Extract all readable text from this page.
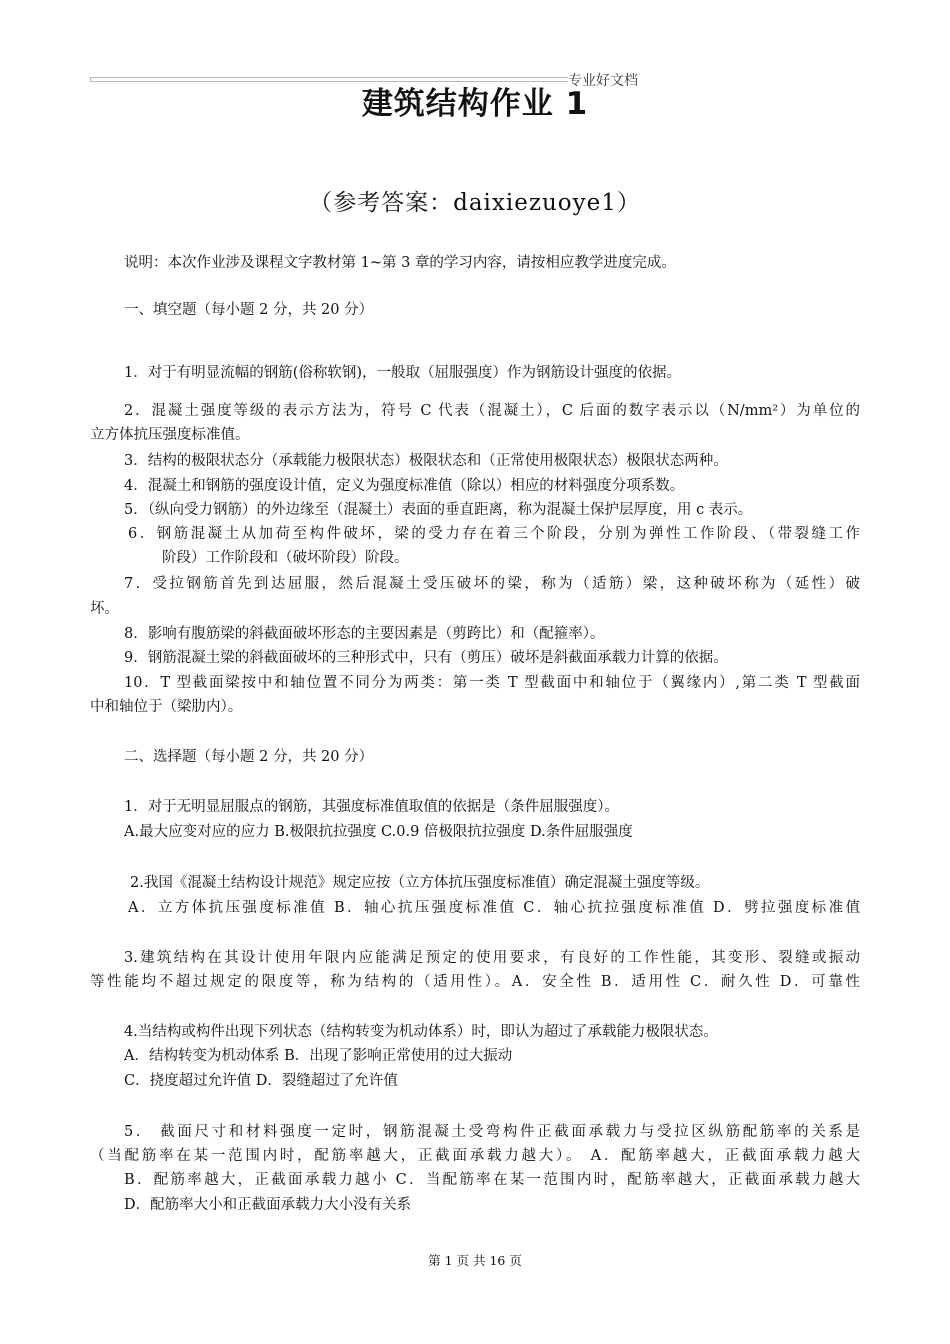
专业好文档
建筑结构作业 1
（参考答案：daixiezuoye1）
说明：本次作业涉及课程文字教材第 1~第 3 章的学习内容，请按相应教学进度完成。
一、填空题（每小题 2 分，共 20 分）
1．对于有明显流幅的钢筋(俗称软钢)，一般取（屈服强度）作为钢筋设计强度的依据。
2．混凝土强度等级的表示方法为，符号 C 代表（混凝土），C 后面的数字表示以（N/mm²）为单位的
立方体抗压强度标准值。
3．结构的极限状态分（承载能力极限状态）极限状态和（正常使用极限状态）极限状态两种。
4．混凝土和钢筋的强度设计值，定义为强度标准值（除以）相应的材料强度分项系数。
5．（纵向受力钢筋）的外边缘至（混凝土）表面的垂直距离，称为混凝土保护层厚度，用 c 表示。
6．钢筋混凝土从加荷至构件破坏，梁的受力存在着三个阶段，分别为弹性工作阶段、（带裂缝工作
阶段）工作阶段和（破坏阶段）阶段。
7．受拉钢筋首先到达屈服，然后混凝土受压破坏的梁，称为（适筋）梁，这种破坏称为（延性）破
坏。
8．影响有腹筋梁的斜截面破坏形态的主要因素是（剪跨比）和（配箍率）。
9．钢筋混凝土梁的斜截面破坏的三种形式中，只有（剪压）破坏是斜截面承载力计算的依据。
10．T 型截面梁按中和轴位置不同分为两类：第一类 T 型截面中和轴位于（翼缘内）,第二类 T 型截面
中和轴位于（梁肋内）。
二、选择题（每小题 2 分，共 20 分）
1．对于无明显屈服点的钢筋，其强度标准值取值的依据是（条件屈服强度）。
A.最大应变对应的应力 B.极限抗拉强度 C.0.9 倍极限抗拉强度 D.条件屈服强度
2.我国《混凝土结构设计规范》规定应按（立方体抗压强度标准值）确定混凝土强度等级。
A．立方体抗压强度标准值 B．轴心抗压强度标准值 C．轴心抗拉强度标准值 D．劈拉强度标准值
3.建筑结构在其设计使用年限内应能满足预定的使用要求，有良好的工作性能，其变形、裂缝或振动
等性能均不超过规定的限度等，称为结构的（适用性）。A．安全性 B．适用性 C．耐久性 D．可靠性
4.当结构或构件出现下列状态（结构转变为机动体系）时，即认为超过了承载能力极限状态。
A．结构转变为机动体系 B．出现了影响正常使用的过大振动
C．挠度超过允许值 D．裂缝超过了允许值
5． 截面尺寸和材料强度一定时，钢筋混凝土受弯构件正截面承载力与受拉区纵筋配筋率的关系是
（当配筋率在某一范围内时，配筋率越大，正截面承载力越大）。 A．配筋率越大，正截面承载力越大
B．配筋率越大，正截面承载力越小 C．当配筋率在某一范围内时，配筋率越大，正截面承载力越大
D．配筋率大小和正截面承载力大小没有关系
第 1 页 共 16 页
